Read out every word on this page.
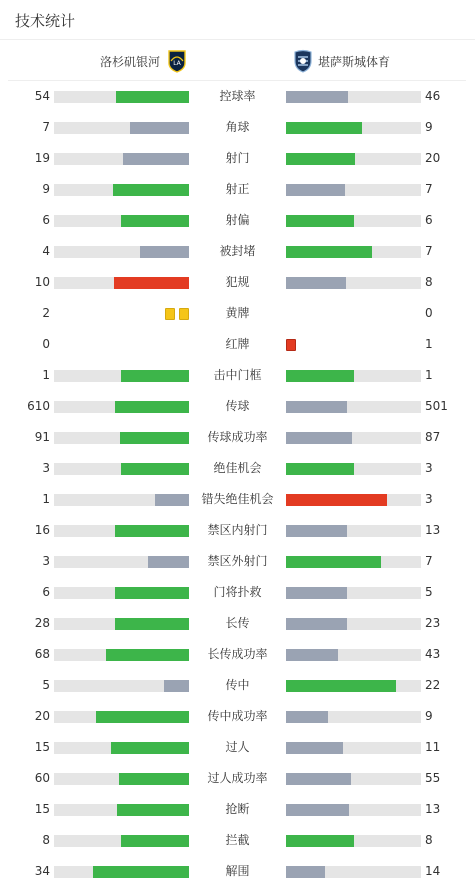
技术统计
洛杉矶银河 LA	堪萨斯城体育
54	控球率	46
7	角球	9
19	射门	20
9	射正	7
6	射偏	6
4	被封堵	7
10	犯规	8
2	黄牌	0
0	红牌	1
1	击中门框	1
610	传球	501
91	传球成功率	87
3	绝佳机会	3
1	错失绝佳机会	3
16	禁区内射门	13
3	禁区外射门	7
6	门将扑救	5
28	长传	23
68	长传成功率	43
5	传中	22
20	传中成功率	9
15	过人	11
60	过人成功率	55
15	抢断	13
8	拦截	8
34	解围	14
